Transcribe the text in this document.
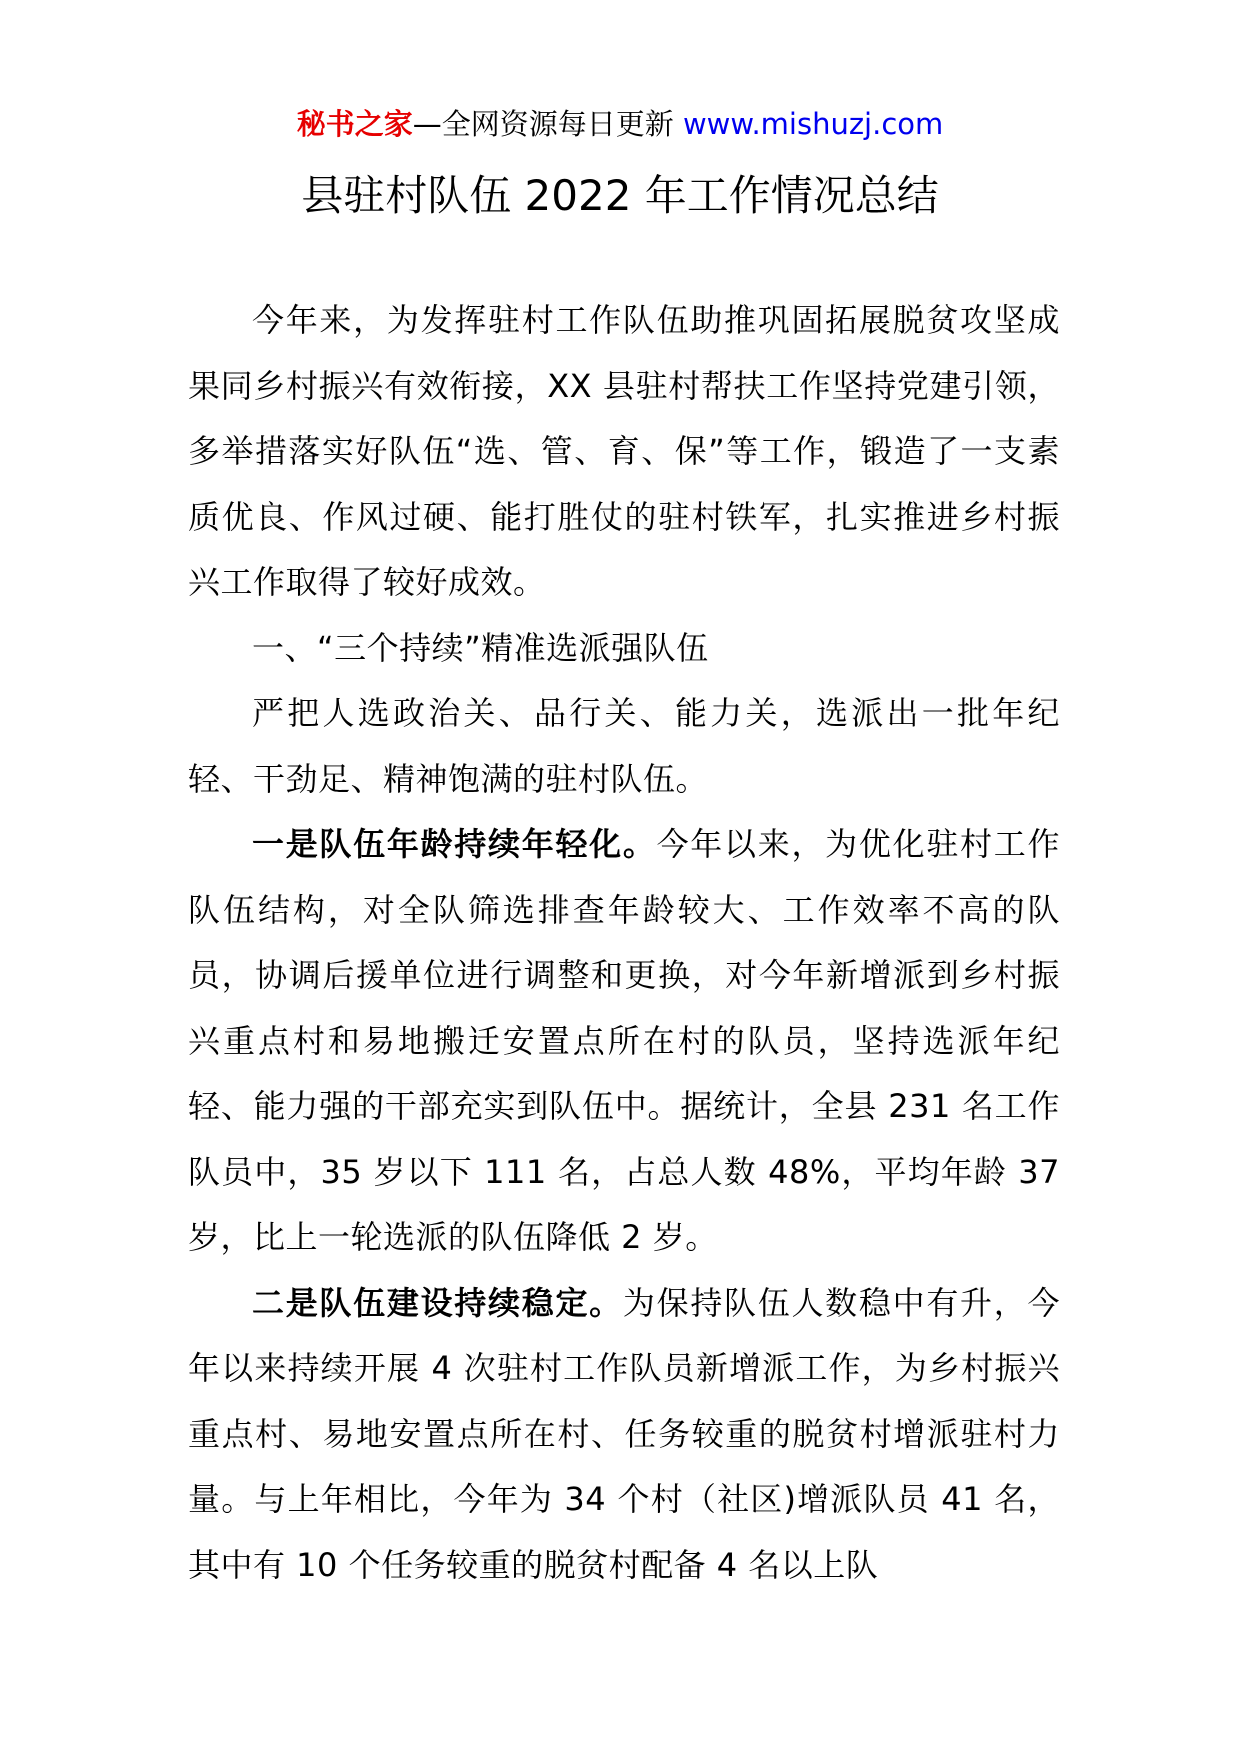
秘书之家—全网资源每日更新 www.mishuzj.com
县驻村队伍 2022 年工作情况总结

今年来，为发挥驻村工作队伍助推巩固拓展脱贫攻坚成果同乡村振兴有效衔接，XX 县驻村帮扶工作坚持党建引领，多举措落实好队伍“选、管、育、保”等工作，锻造了一支素质优良、作风过硬、能打胜仗的驻村铁军，扎实推进乡村振兴工作取得了较好成效。

一、“三个持续”精准选派强队伍

严把人选政治关、品行关、能力关，选派出一批年纪轻、干劲足、精神饱满的驻村队伍。

一是队伍年龄持续年轻化。今年以来，为优化驻村工作队伍结构，对全队筛选排查年龄较大、工作效率不高的队员，协调后援单位进行调整和更换，对今年新增派到乡村振兴重点村和易地搬迁安置点所在村的队员，坚持选派年纪轻、能力强的干部充实到队伍中。据统计，全县 231 名工作队员中，35 岁以下 111 名，占总人数 48%，平均年龄 37 岁，比上一轮选派的队伍降低 2 岁。

二是队伍建设持续稳定。为保持队伍人数稳中有升，今年以来持续开展 4 次驻村工作队员新增派工作，为乡村振兴重点村、易地安置点所在村、任务较重的脱贫村增派驻村力量。与上年相比，今年为 34 个村（社区)增派队员 41 名，其中有 10 个任务较重的脱贫村配备 4 名以上队
